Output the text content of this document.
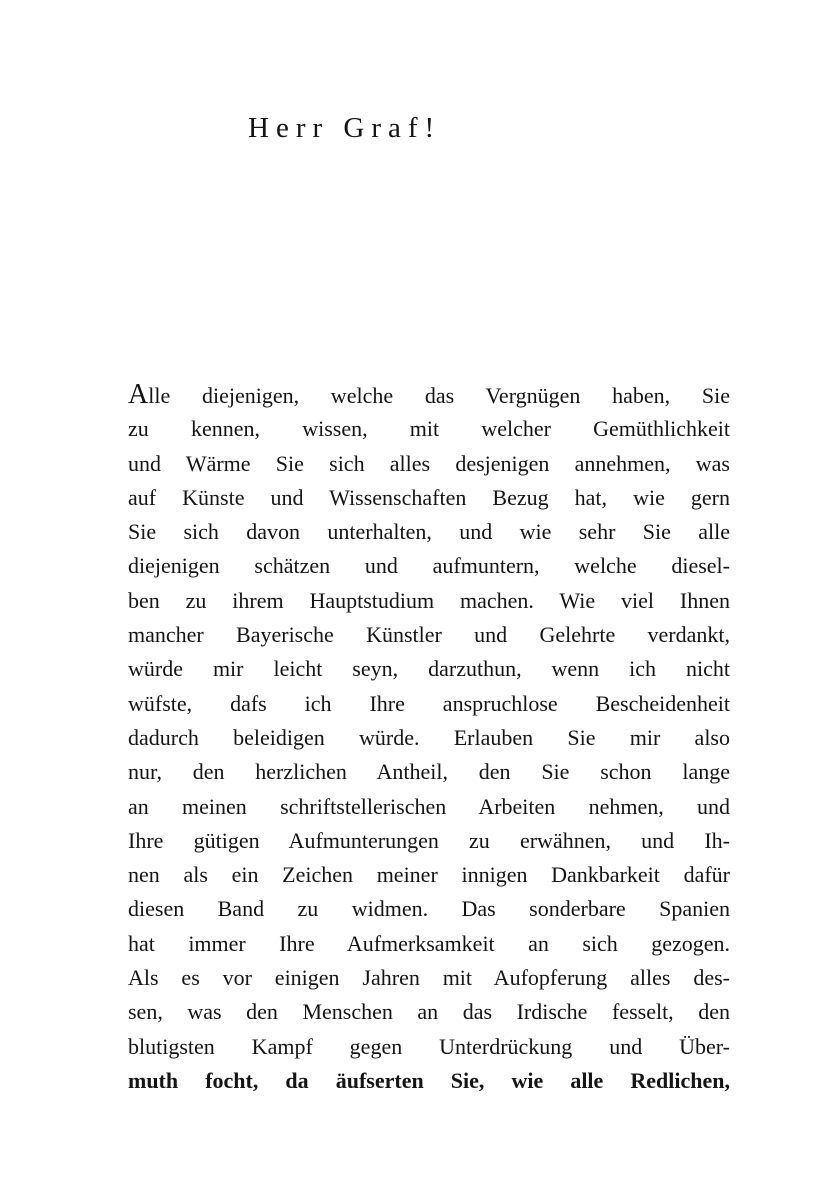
Herr Graf!
Alle diejenigen, welche das Vergnügen haben, Sie
zu kennen, wissen, mit welcher Gemüthlichkeit
und Wärme Sie sich alles desjenigen annehmen, was
auf Künste und Wissenschaften Bezug hat, wie gern
Sie sich davon unterhalten, und wie sehr Sie alle
diejenigen schätzen und aufmuntern, welche diesel-
ben zu ihrem Hauptstudium machen. Wie viel Ihnen
mancher Bayerische Künstler und Gelehrte verdankt,
würde mir leicht seyn, darzuthun, wenn ich nicht
wüfste, dafs ich Ihre anspruchlose Bescheidenheit
dadurch beleidigen würde. Erlauben Sie mir also
nur, den herzlichen Antheil, den Sie schon lange
an meinen schriftstellerischen Arbeiten nehmen, und
Ihre gütigen Aufmunterungen zu erwähnen, und Ih-
nen als ein Zeichen meiner innigen Dankbarkeit dafür
diesen Band zu widmen. Das sonderbare Spanien
hat immer Ihre Aufmerksamkeit an sich gezogen.
Als es vor einigen Jahren mit Aufopferung alles des-
sen, was den Menschen an das Irdische fesselt, den
blutigsten Kampf gegen Unterdrückung und Über-
muth focht, da äufserten Sie, wie alle Redlichen,
